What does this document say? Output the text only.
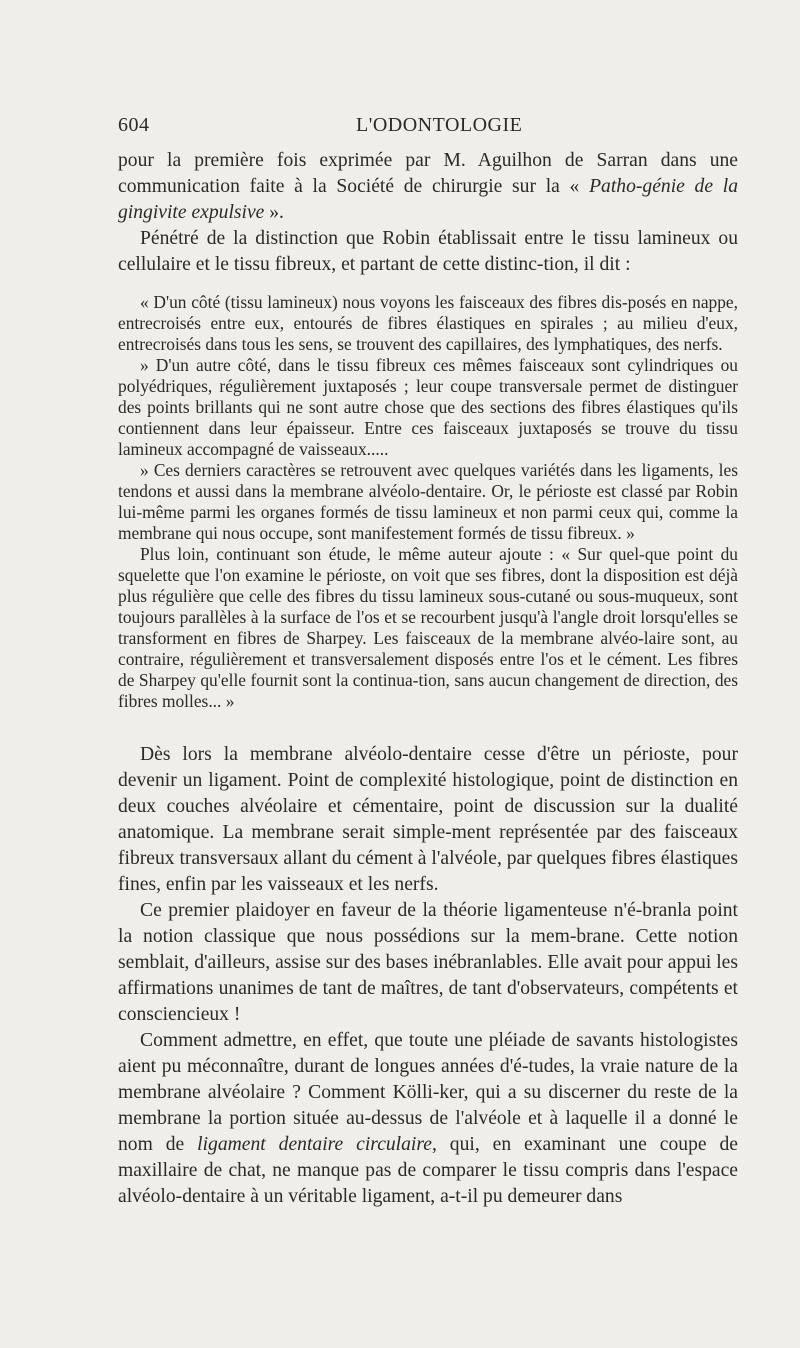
604	L'ODONTOLOGIE

pour la première fois exprimée par M. Aguilhon de Sarran dans une communication faite à la Société de chirurgie sur la « Patho-génie de la gingivite expulsive ».

Pénétré de la distinction que Robin établissait entre le tissu lamineux ou cellulaire et le tissu fibreux, et partant de cette distinc-tion, il dit :

« D'un côté (tissu lamineux) nous voyons les faisceaux des fibres dis-posés en nappe, entrecroisés entre eux, entourés de fibres élastiques en spirales ; au milieu d'eux, entrecroisés dans tous les sens, se trouvent des capillaires, des lymphatiques, des nerfs.

» D'un autre côté, dans le tissu fibreux ces mêmes faisceaux sont cylindriques ou polyédriques, régulièrement juxtaposés ; leur coupe transversale permet de distinguer des points brillants qui ne sont autre chose que des sections des fibres élastiques qu'ils contiennent dans leur épaisseur. Entre ces faisceaux juxtaposés se trouve du tissu lamineux accompagné de vaisseaux.....

» Ces derniers caractères se retrouvent avec quelques variétés dans les ligaments, les tendons et aussi dans la membrane alvéolo-dentaire. Or, le périoste est classé par Robin lui-même parmi les organes formés de tissu lamineux et non parmi ceux qui, comme la membrane qui nous occupe, sont manifestement formés de tissu fibreux. »

Plus loin, continuant son étude, le même auteur ajoute : « Sur quel-que point du squelette que l'on examine le périoste, on voit que ses fibres, dont la disposition est déjà plus régulière que celle des fibres du tissu lamineux sous-cutané ou sous-muqueux, sont toujours parallèles à la surface de l'os et se recourbent jusqu'à l'angle droit lorsqu'elles se transforment en fibres de Sharpey. Les faisceaux de la membrane alvéo-laire sont, au contraire, régulièrement et transversalement disposés entre l'os et le cément. Les fibres de Sharpey qu'elle fournit sont la continua-tion, sans aucun changement de direction, des fibres molles... »

Dès lors la membrane alvéolo-dentaire cesse d'être un périoste, pour devenir un ligament. Point de complexité histologique, point de distinction en deux couches alvéolaire et cémentaire, point de discussion sur la dualité anatomique. La membrane serait simple-ment représentée par des faisceaux fibreux transversaux allant du cément à l'alvéole, par quelques fibres élastiques fines, enfin par les vaisseaux et les nerfs.

Ce premier plaidoyer en faveur de la théorie ligamenteuse n'é-branla point la notion classique que nous possédions sur la mem-brane. Cette notion semblait, d'ailleurs, assise sur des bases inébranlables. Elle avait pour appui les affirmations unanimes de tant de maîtres, de tant d'observateurs, compétents et consciencieux !

Comment admettre, en effet, que toute une pléiade de savants histologistes aient pu méconnaître, durant de longues années d'é-tudes, la vraie nature de la membrane alvéolaire ? Comment Kölli-ker, qui a su discerner du reste de la membrane la portion située au-dessus de l'alvéole et à laquelle il a donné le nom de ligament dentaire circulaire, qui, en examinant une coupe de maxillaire de chat, ne manque pas de comparer le tissu compris dans l'espace alvéolo-dentaire à un véritable ligament, a-t-il pu demeurer dans
